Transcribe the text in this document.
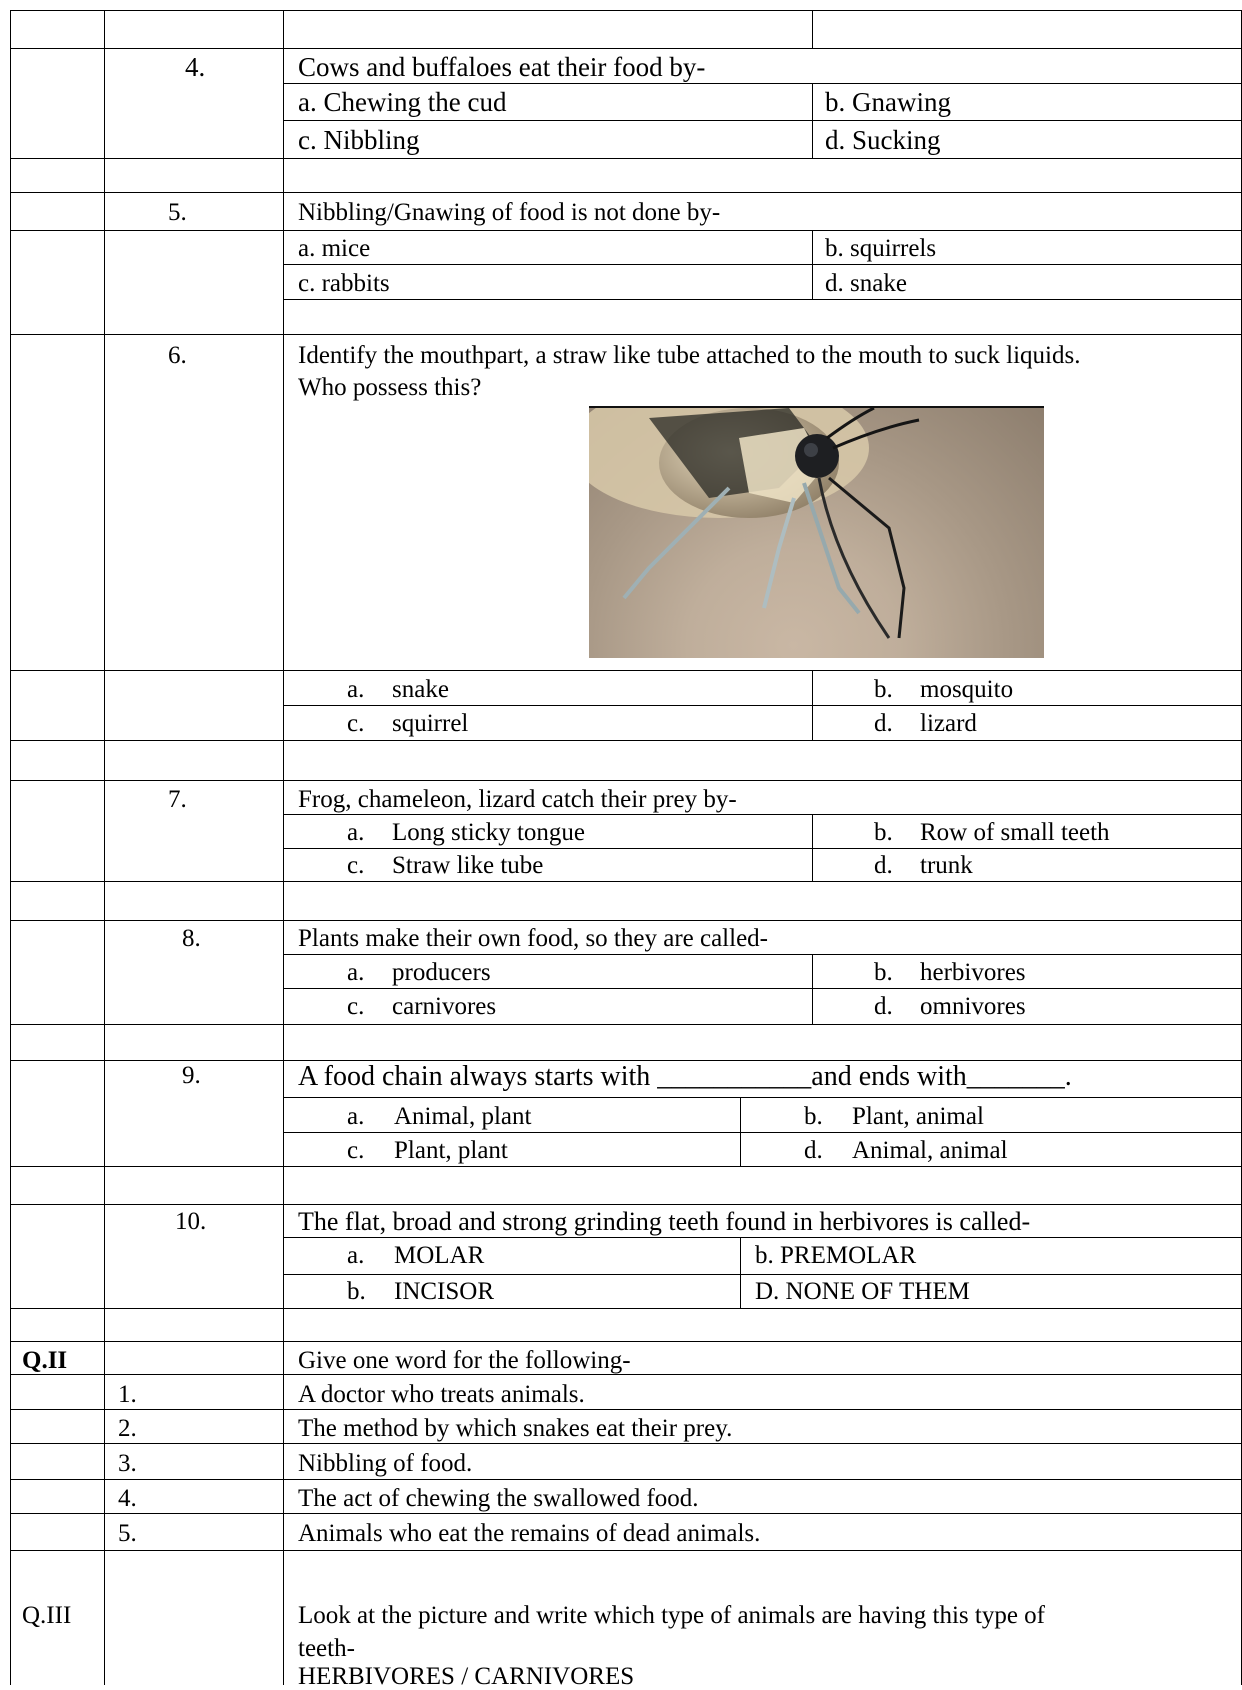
4.	Cows and buffaloes eat their food by-
a. Chewing the cud	b. Gnawing
c. Nibbling	d. Sucking
5.	Nibbling/Gnawing of food is not done by-
a. mice	b. squirrels
c. rabbits	d. snake
6.	Identify the mouthpart, a straw like tube attached to the mouth to suck liquids.
Who possess this?
a. snake	b. mosquito
c. squirrel	d. lizard
7.	Frog, chameleon, lizard catch their prey by-
a. Long sticky tongue	b. Row of small teeth
c. Straw like tube	d. trunk
8.	Plants make their own food, so they are called-
a. producers	b. herbivores
c. carnivores	d. omnivores
9.	A food chain always starts with ___________and ends with_______.
a. Animal, plant	b. Plant, animal
c. Plant, plant	d. Animal, animal
10.	The flat, broad and strong grinding teeth found in herbivores is called-
a. MOLAR	b. PREMOLAR
b. INCISOR	D. NONE OF THEM
Q.II	Give one word for the following-
1.	A doctor who treats animals.
2.	The method by which snakes eat their prey.
3.	Nibbling of food.
4.	The act of chewing the swallowed food.
5.	Animals who eat the remains of dead animals.
Q.III	Look at the picture and write which type of animals are having this type of
teeth-
HERBIVORES / CARNIVORES
